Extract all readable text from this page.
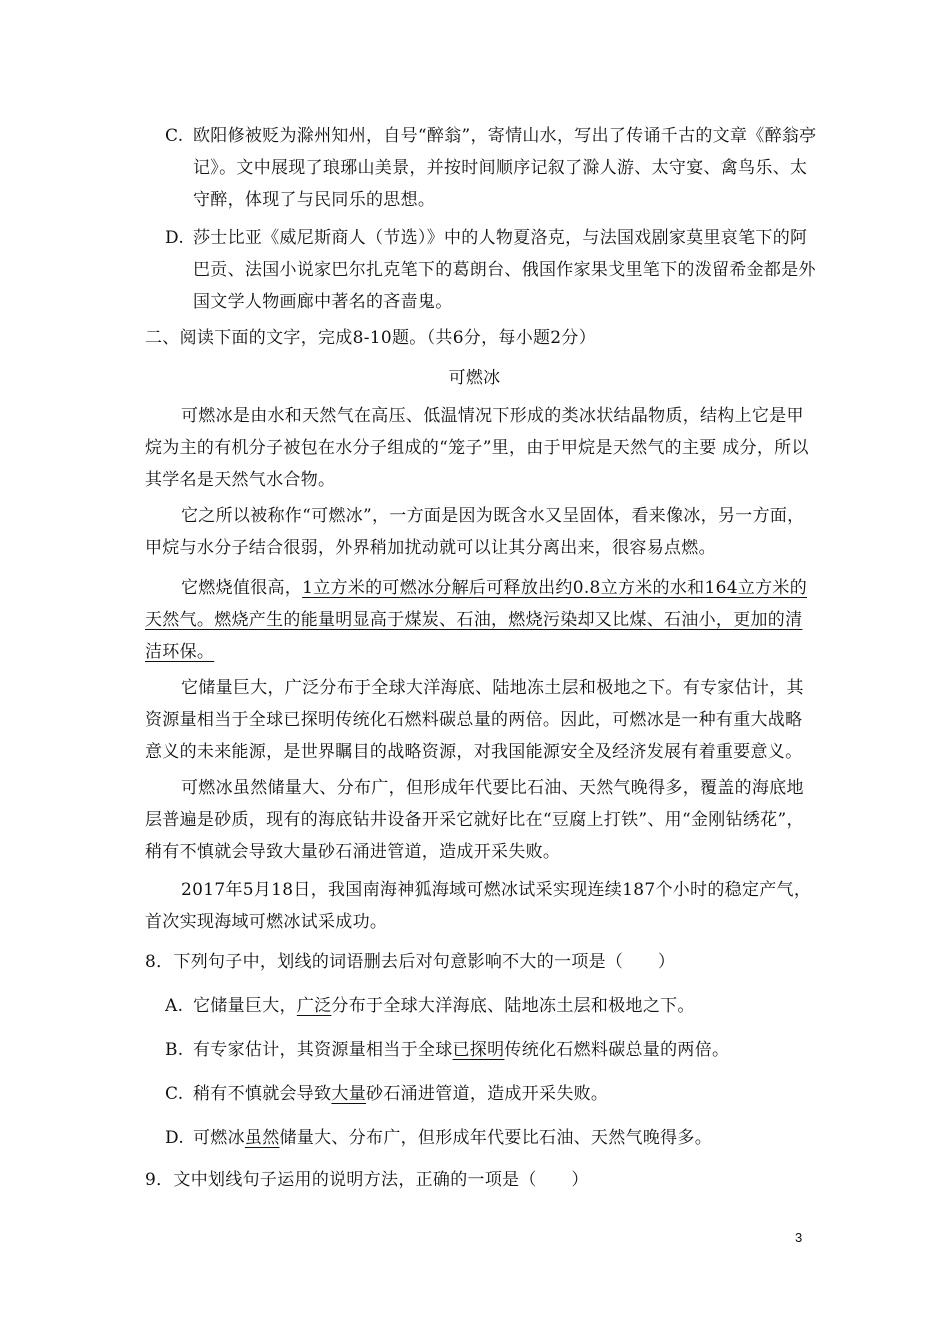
C. 欧阳修被贬为滁州知州，自号“醉翁”，寄情山水，写出了传诵千古的文章《醉翁亭记》。文中展现了琅琊山美景，并按时间顺序记叙了滁人游、太守宴、禽鸟乐、太守醉，体现了与民同乐的思想。
D. 莎士比亚《威尼斯商人（节选）》中的人物夏洛克，与法国戏剧家莫里哀笔下的阿巴贡、法国小说家巴尔扎克笔下的葛朗台、俄国作家果戈里笔下的泼留希金都是外国文学人物画廊中著名的吝啬鬼。
二、阅读下面的文字，完成8-10题。（共6分，每小题2分）
可燃冰
可燃冰是由水和天然气在高压、低温情况下形成的类冰状结晶物质，结构上它是甲烷为主的有机分子被包在水分子组成的“笼子”里，由于甲烷是天然气的主要 成分，所以其学名是天然气水合物。
它之所以被称作“可燃冰”，一方面是因为既含水又呈固体，看来像冰，另一方面，甲烷与水分子结合很弱，外界稍加扰动就可以让其分离出来，很容易点燃。
它燃烧值很高，1立方米的可燃冰分解后可释放出约0.8立方米的水和164立方米的天然气。燃烧产生的能量明显高于煤炭、石油，燃烧污染却又比煤、石油小，更加的清洁环保。
它储量巨大，广泛分布于全球大洋海底、陆地冻土层和极地之下。有专家估计，其资源量相当于全球已探明传统化石燃料碳总量的两倍。因此，可燃冰是一种有重大战略意义的未来能源，是世界瞩目的战略资源，对我国能源安全及经济发展有着重要意义。
可燃冰虽然储量大、分布广，但形成年代要比石油、天然气晚得多，覆盖的海底地层普遍是砂质，现有的海底钻井设备开采它就好比在“豆腐上打铁”、用“金刚钻绣花”，稍有不慎就会导致大量砂石涌进管道，造成开采失败。
2017年5月18日，我国南海神狐海域可燃冰试采实现连续187个小时的稳定产气，首次实现海域可燃冰试采成功。
8．下列句子中，划线的词语删去后对句意影响不大的一项是（　　）
A. 它储量巨大，广泛分布于全球大洋海底、陆地冻土层和极地之下。
B. 有专家估计，其资源量相当于全球已探明传统化石燃料碳总量的两倍。
C. 稍有不慎就会导致大量砂石涌进管道，造成开采失败。
D. 可燃冰虽然储量大、分布广，但形成年代要比石油、天然气晚得多。
9．文中划线句子运用的说明方法，正确的一项是（　　）
3
